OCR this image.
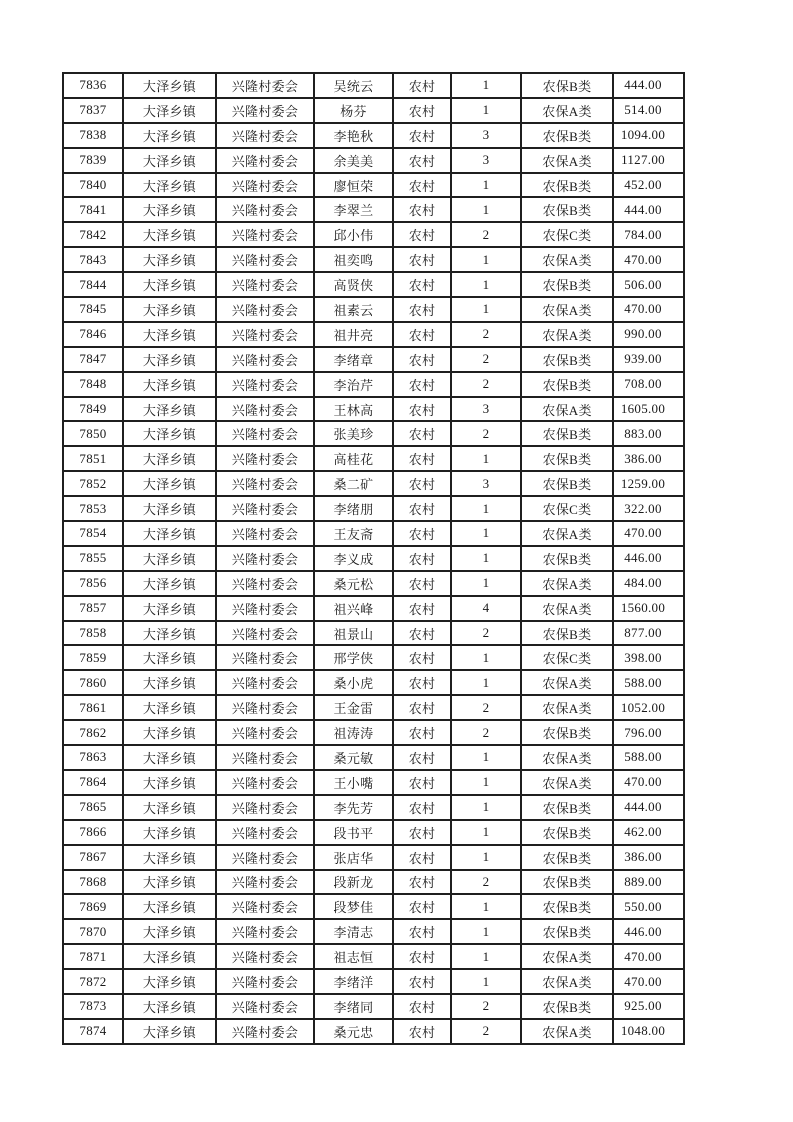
7836	大泽乡镇	兴隆村委会	吴统云	农村	1	农保B类	444.00
7837	大泽乡镇	兴隆村委会	杨芬	农村	1	农保A类	514.00
7838	大泽乡镇	兴隆村委会	李艳秋	农村	3	农保B类	1094.00
7839	大泽乡镇	兴隆村委会	余美美	农村	3	农保A类	1127.00
7840	大泽乡镇	兴隆村委会	廖恒荣	农村	1	农保B类	452.00
7841	大泽乡镇	兴隆村委会	李翠兰	农村	1	农保B类	444.00
7842	大泽乡镇	兴隆村委会	邱小伟	农村	2	农保C类	784.00
7843	大泽乡镇	兴隆村委会	祖奕鸣	农村	1	农保A类	470.00
7844	大泽乡镇	兴隆村委会	高贤侠	农村	1	农保B类	506.00
7845	大泽乡镇	兴隆村委会	祖素云	农村	1	农保A类	470.00
7846	大泽乡镇	兴隆村委会	祖井亮	农村	2	农保A类	990.00
7847	大泽乡镇	兴隆村委会	李绪章	农村	2	农保B类	939.00
7848	大泽乡镇	兴隆村委会	李治芹	农村	2	农保B类	708.00
7849	大泽乡镇	兴隆村委会	王林高	农村	3	农保A类	1605.00
7850	大泽乡镇	兴隆村委会	张美珍	农村	2	农保B类	883.00
7851	大泽乡镇	兴隆村委会	高桂花	农村	1	农保B类	386.00
7852	大泽乡镇	兴隆村委会	桑二矿	农村	3	农保B类	1259.00
7853	大泽乡镇	兴隆村委会	李绪朋	农村	1	农保C类	322.00
7854	大泽乡镇	兴隆村委会	王友斋	农村	1	农保A类	470.00
7855	大泽乡镇	兴隆村委会	李义成	农村	1	农保B类	446.00
7856	大泽乡镇	兴隆村委会	桑元松	农村	1	农保A类	484.00
7857	大泽乡镇	兴隆村委会	祖兴峰	农村	4	农保A类	1560.00
7858	大泽乡镇	兴隆村委会	祖景山	农村	2	农保B类	877.00
7859	大泽乡镇	兴隆村委会	邢学侠	农村	1	农保C类	398.00
7860	大泽乡镇	兴隆村委会	桑小虎	农村	1	农保A类	588.00
7861	大泽乡镇	兴隆村委会	王金雷	农村	2	农保A类	1052.00
7862	大泽乡镇	兴隆村委会	祖涛涛	农村	2	农保B类	796.00
7863	大泽乡镇	兴隆村委会	桑元敏	农村	1	农保A类	588.00
7864	大泽乡镇	兴隆村委会	王小嘴	农村	1	农保A类	470.00
7865	大泽乡镇	兴隆村委会	李先芳	农村	1	农保B类	444.00
7866	大泽乡镇	兴隆村委会	段书平	农村	1	农保B类	462.00
7867	大泽乡镇	兴隆村委会	张店华	农村	1	农保B类	386.00
7868	大泽乡镇	兴隆村委会	段新龙	农村	2	农保B类	889.00
7869	大泽乡镇	兴隆村委会	段梦佳	农村	1	农保B类	550.00
7870	大泽乡镇	兴隆村委会	李清志	农村	1	农保B类	446.00
7871	大泽乡镇	兴隆村委会	祖志恒	农村	1	农保A类	470.00
7872	大泽乡镇	兴隆村委会	李绪洋	农村	1	农保A类	470.00
7873	大泽乡镇	兴隆村委会	李绪同	农村	2	农保B类	925.00
7874	大泽乡镇	兴隆村委会	桑元忠	农村	2	农保A类	1048.00
